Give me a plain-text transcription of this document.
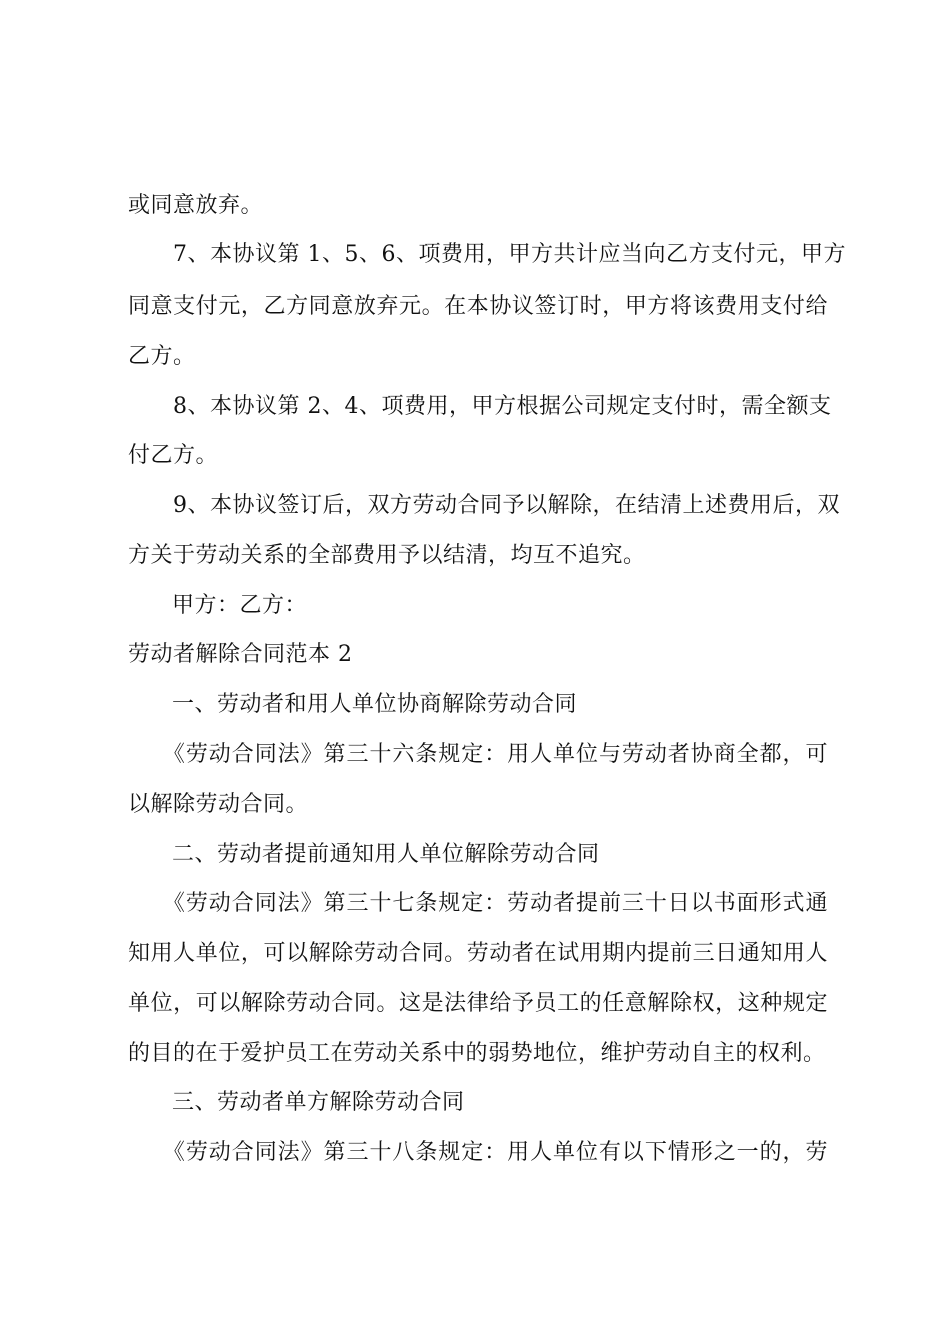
或同意放弃。
　　7、本协议第 1、5、6、项费用，甲方共计应当向乙方支付元，甲方
同意支付元，乙方同意放弃元。在本协议签订时，甲方将该费用支付给
乙方。
　　8、本协议第 2、4、项费用，甲方根据公司规定支付时，需全额支
付乙方。
　　9、本协议签订后，双方劳动合同予以解除，在结清上述费用后，双
方关于劳动关系的全部费用予以结清，均互不追究。
甲方：乙方：
劳动者解除合同范本 2
一、劳动者和用人单位协商解除劳动合同
　　《劳动合同法》第三十六条规定：用人单位与劳动者协商全都，可
以解除劳动合同。
二、劳动者提前通知用人单位解除劳动合同
　　《劳动合同法》第三十七条规定：劳动者提前三十日以书面形式通
知用人单位，可以解除劳动合同。劳动者在试用期内提前三日通知用人
单位，可以解除劳动合同。这是法律给予员工的任意解除权，这种规定
的目的在于爱护员工在劳动关系中的弱势地位，维护劳动自主的权利。
三、劳动者单方解除劳动合同
　　《劳动合同法》第三十八条规定：用人单位有以下情形之一的，劳
